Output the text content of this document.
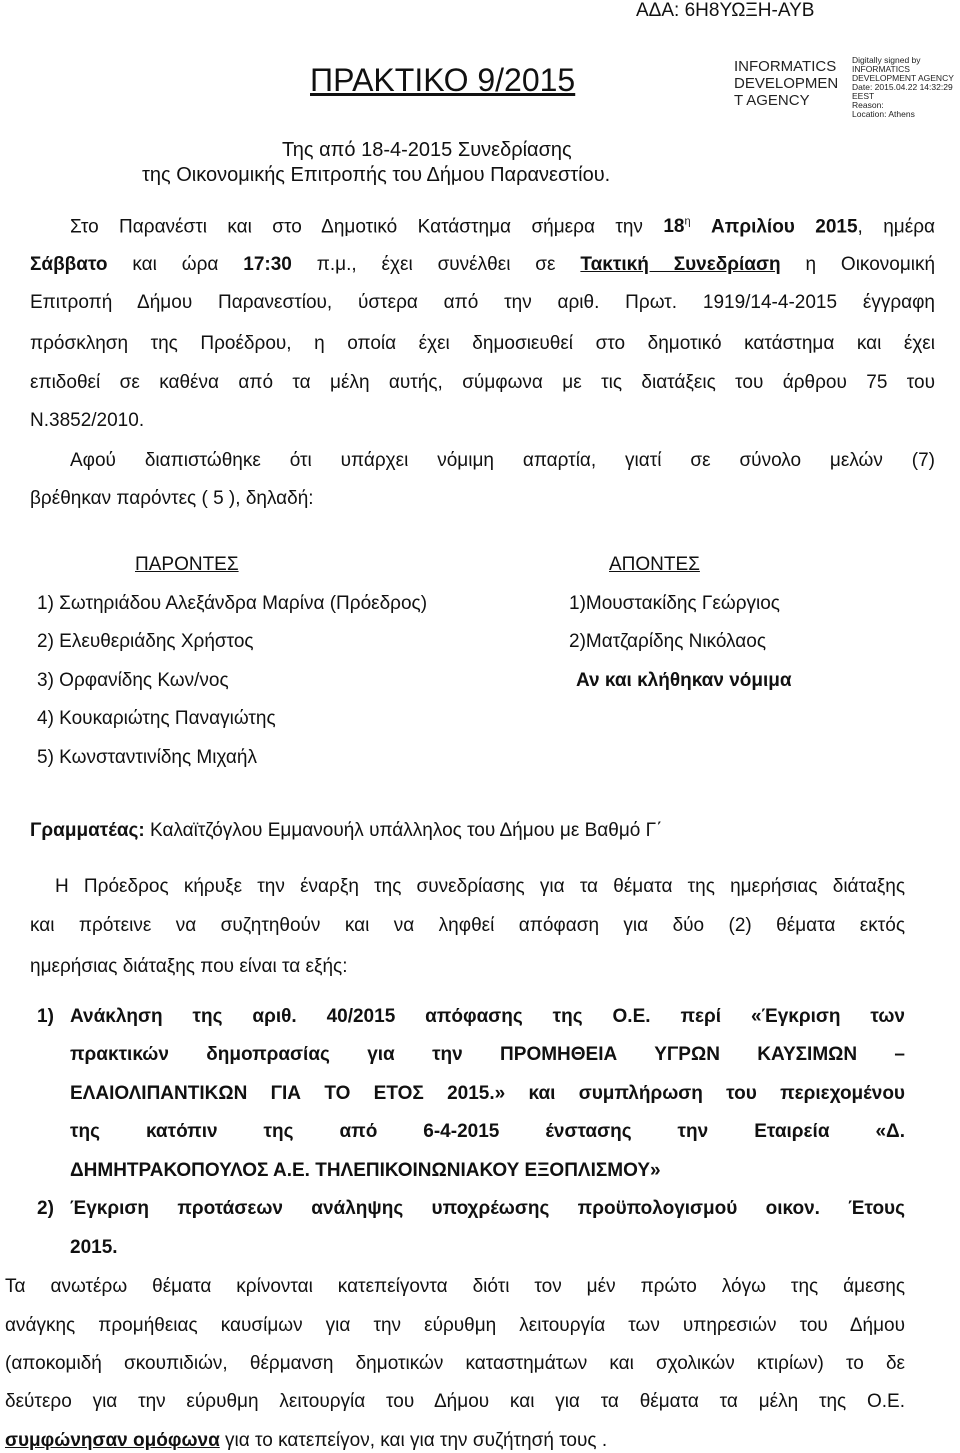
ΑΔΑ: 6Η8ΥΩΞΗ-ΑΥΒ
ΠΡΑΚΤΙΚΟ 9/2015	INFORMATICS
DEVELOPMEN
T AGENCY
Digitally signed by
INFORMATICS
DEVELOPMENT AGENCY
Date: 2015.04.22 14:32:29
EEST
Reason:
Location: Athens
Της από 18-4-2015 Συνεδρίασης
της Οικονομικής Επιτροπής του Δήμου Παρανεστίου.
Στο Παρανέστι και στο Δημοτικό Κατάστημα σήμερα την $18^\eta$ Απριλίου 2015, ημέρα
Σάββατο και ώρα 17:30 π.μ., έχει συνέλθει σε Τακτική Συνεδρίαση η Οικονομική
Επιτροπή Δήμου Παρανεστίου, ύστερα από την αριθ. Πρωτ. 1919/14-4-2015 έγγραφη
πρόσκληση της Προέδρου, η οποία έχει δημοσιευθεί στο δημοτικό κατάστημα και έχει
επιδοθεί σε καθένα από τα μέλη αυτής, σύμφωνα με τις διατάξεις του άρθρου 75 του
Ν.3852/2010.
Αφού διαπιστώθηκε ότι υπάρχει νόμιμη απαρτία, γιατί σε σύνολο μελών (7)
βρέθηκαν παρόντες ( 5 ), δηλαδή:
ΠΑΡΟΝΤΕΣ	ΑΠΟΝΤΕΣ
1) Σωτηριάδου Αλεξάνδρα Μαρίνα (Πρόεδρος)
2) Ελευθεριάδης Χρήστος
3) Ορφανίδης Κων/νος
4) Κουκαριώτης Παναγιώτης
5) Κωνσταντινίδης Μιχαήλ
1)Μουστακίδης Γεώργιος
2)Ματζαρίδης Νικόλαος
Αν και κλήθηκαν νόμιμα
Γραμματέας: Καλαϊτζόγλου Εμμανουήλ υπάλληλος του Δήμου με Βαθμό Γ΄
Η Πρόεδρος κήρυξε την έναρξη της συνεδρίασης για τα θέματα της ημερήσιας διάταξης
και πρότεινε να συζητηθούν και να ληφθεί απόφαση για δύο (2) θέματα εκτός
ημερήσιας διάταξης που είναι τα εξής:
1) Ανάκληση της αριθ. 40/2015 απόφασης της Ο.Ε. περί «Έγκριση των
πρακτικών δημοπρασίας για την ΠΡΟΜΗΘΕΙΑ ΥΓΡΩΝ ΚΑΥΣΙΜΩΝ –
ΕΛΑΙΟΛΙΠΑΝΤΙΚΩΝ ΓΙΑ ΤΟ ΕΤΟΣ 2015.» και συμπλήρωση του περιεχομένου
της κατόπιν της από 6-4-2015 ένστασης την Εταιρεία «Δ.
ΔΗΜΗΤΡΑΚΟΠΟΥΛΟΣ Α.Ε. ΤΗΛΕΠΙΚΟΙΝΩΝΙΑΚΟΥ ΕΞΟΠΛΙΣΜΟΥ»
2) Έγκριση προτάσεων ανάληψης υποχρέωσης προϋπολογισμού οικον. Έτους
2015.
Τα ανωτέρω θέματα κρίνονται κατεπείγοντα διότι τον μέν πρώτο λόγω της άμεσης
ανάγκης προμήθειας καυσίμων για την εύρυθμη λειτουργία των υπηρεσιών του Δήμου
(αποκομιδή σκουπιδιών, θέρμανση δημοτικών καταστημάτων και σχολικών κτιρίων) το δε
δεύτερο για την εύρυθμη λειτουργία του Δήμου και για τα θέματα τα μέλη της Ο.Ε.
συμφώνησαν ομόφωνα για το κατεπείγον, και για την συζήτησή τους .
